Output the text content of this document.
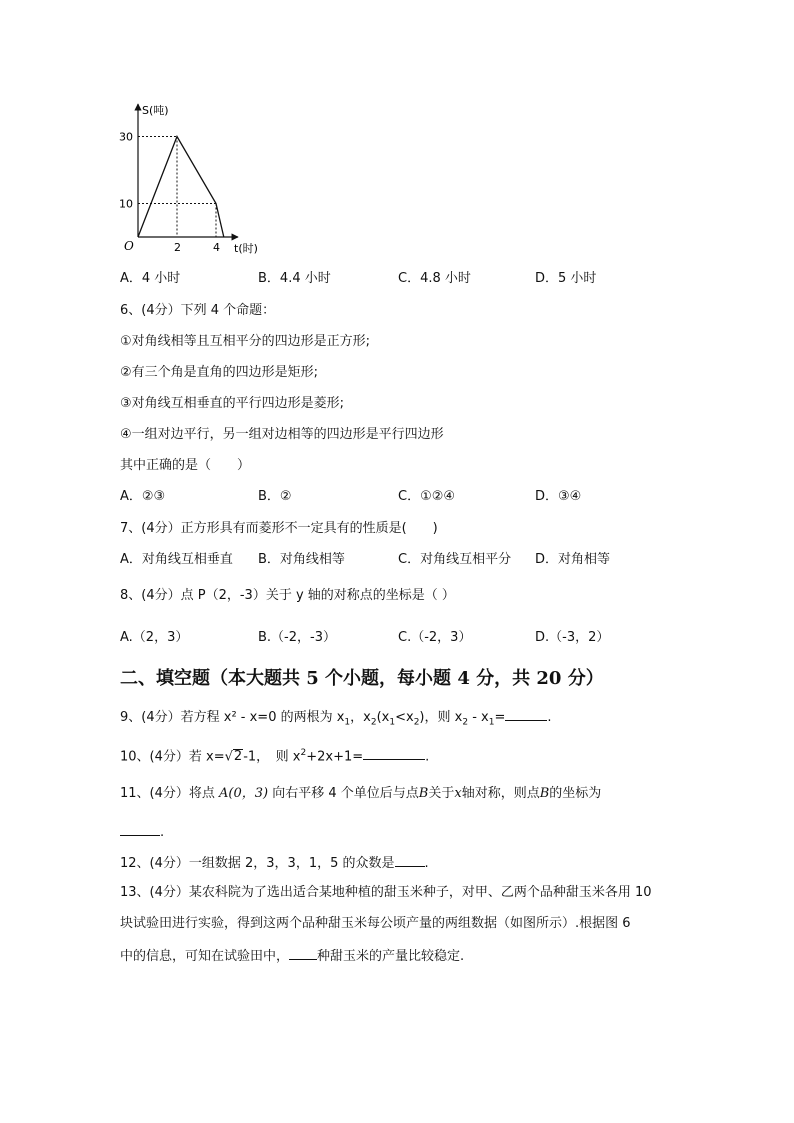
S(吨)
t(时)
O
30
10
2	4
A．4 小时	B．4.4 小时	C．4.8 小时	D．5 小时
6、(4分）下列 4 个命题：
①对角线相等且互相平分的四边形是正方形;
②有三个角是直角的四边形是矩形;
③对角线互相垂直的平行四边形是菱形;
④一组对边平行，另一组对边相等的四边形是平行四边形
其中正确的是（　　）
A．②③	B．②	C．①②④	D．③④
7、(4分）正方形具有而菱形不一定具有的性质是(　　)
A．对角线互相垂直 B．对角线相等	C．对角线互相平分 D．对角相等
8、(4分）点 P（2，-3）关于 y 轴的对称点的坐标是（ ）
A.（2，3）	B.（-2，-3）	C.（-2，3）	D.（-3，2）
二、填空题（本大题共 5 个小题，每小题 4 分，共 20 分）
9、(4分）若方程 x² - x=0 的两根为 $x_1$，$x_2(x_1<x_2)$，则 $x_2 - x_1=$	.
10、(4分）若 x=√2-1，　则 $x^2+2x+1=$	.
11、(4分）将点 A(0，3) 向右平移 4 个单位后与点B关于x轴对称，则点B的坐标为
.
12、(4分）一组数据 2，3，3，1，5 的众数是 .
13、(4分）某农科院为了选出适合某地种植的甜玉米种子，对甲、乙两个品种甜玉米各用 10
块试验田进行实验，得到这两个品种甜玉米每公顷产量的两组数据（如图所示）.根据图 6
中的信息，可知在试验田中， 种甜玉米的产量比较稳定.
